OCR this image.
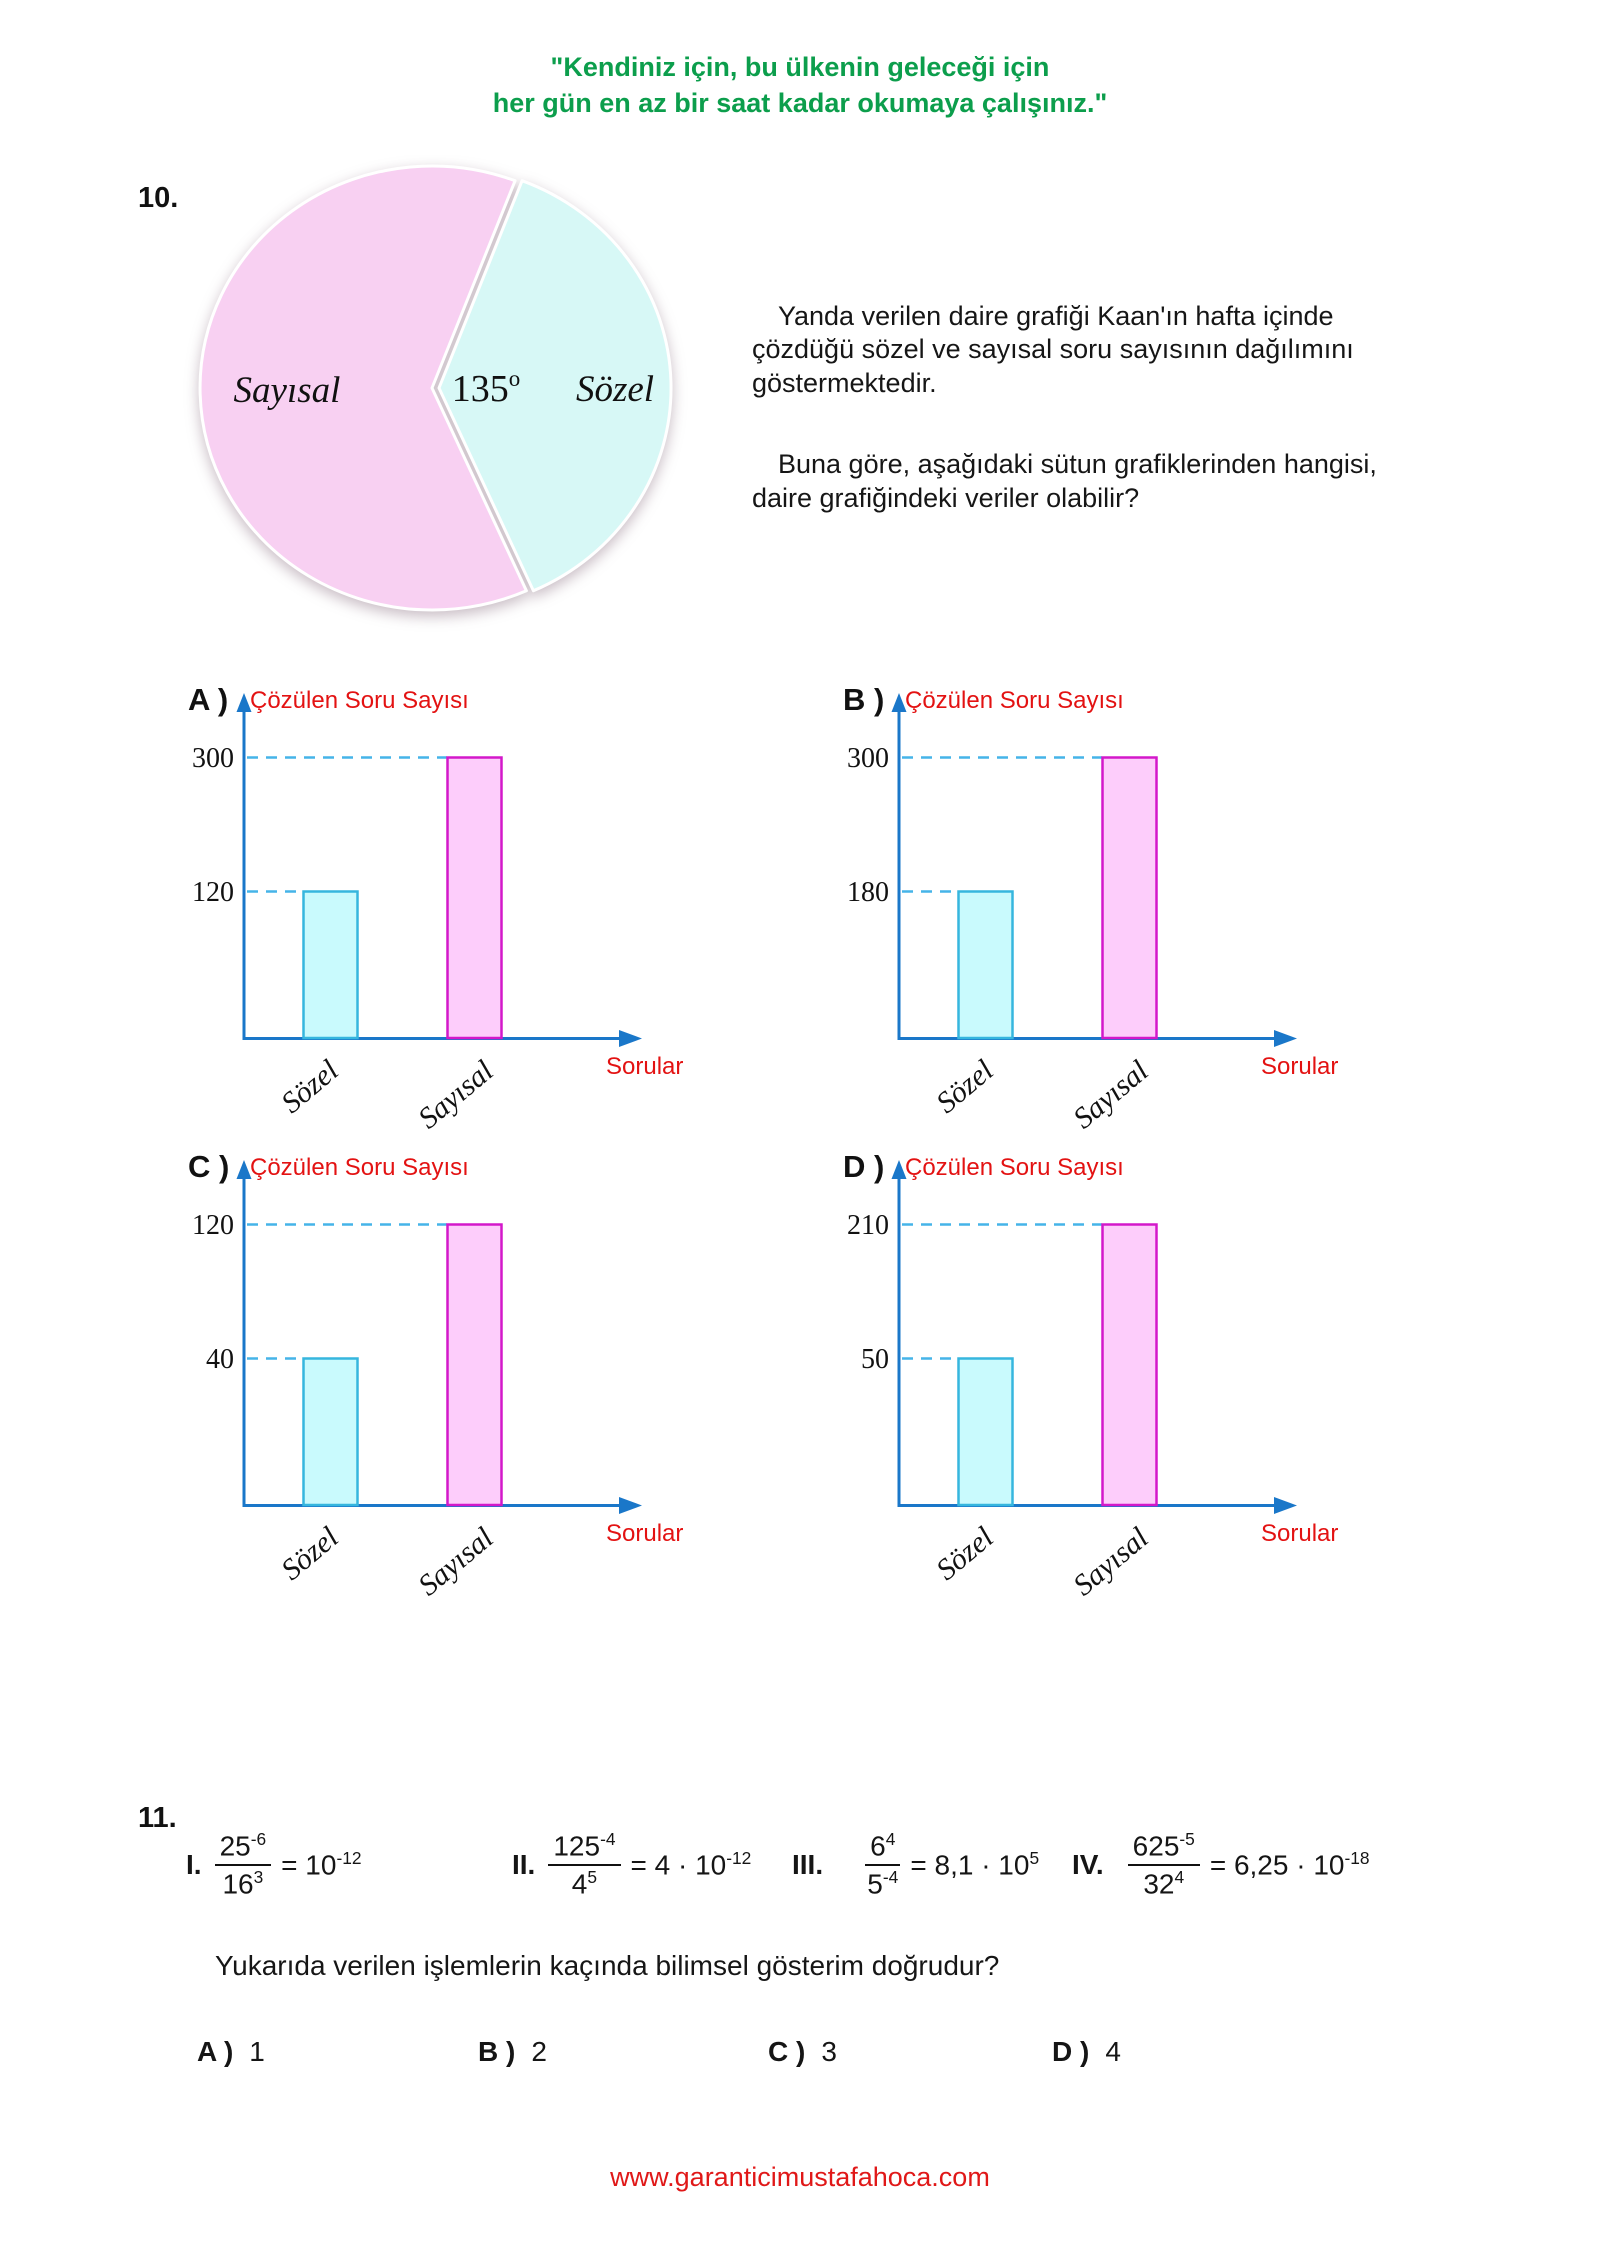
"Kendiniz için, bu ülkenin geleceği için
her gün en az bir saat kadar okumaya çalışınız."
10.
Sayısal	135$^o$ Sözel

Yanda verilen daire grafiği Kaan'ın hafta içinde çözdüğü sözel ve sayısal soru sayısının dağılımını göstermektedir.

Buna göre, aşağıdaki sütun grafiklerinden hangisi, daire grafiğindeki veriler olabilir?

A ) Çözülen Soru Sayısı
300
120
Sözel Sayısal	Sorular
B ) Çözülen Soru Sayısı
300
180
Sözel Sayısal	Sorular
C ) Çözülen Soru Sayısı
120
40
Sözel Sayısal	Sorular
D ) Çözülen Soru Sayısı
210
50
Sözel Sayısal	Sorular
11.
I. $\frac{25^{-6}}{16^3} = 10^{-12}$	II. $\frac{125^{-4}}{4^5} = 4 \cdot 10^{-12}$ III. $\frac{6^4}{5^{-4}} = 8,1 \cdot 10^5$ IV. $\frac{625^{-5}}{32^4} = 6,25 \cdot 10^{-18}$
Yukarıda verilen işlemlerin kaçında bilimsel gösterim doğrudur?
A ) 1	B ) 2	C ) 3	D ) 4
www.garanticimustafahoca.com
